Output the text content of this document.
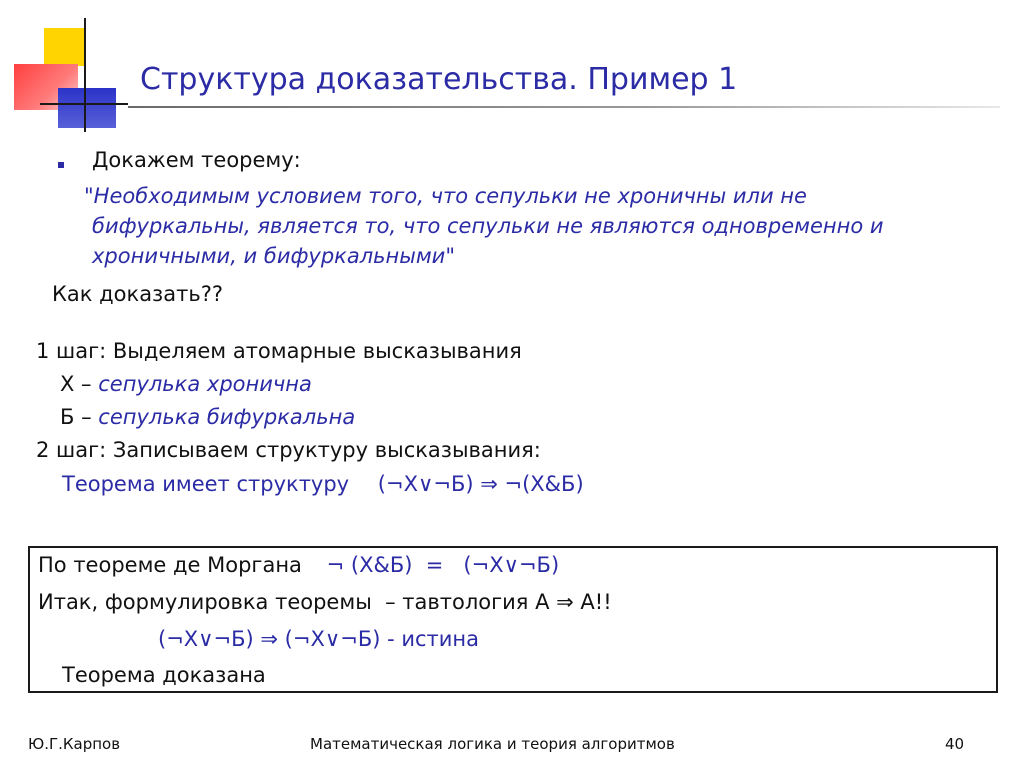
Структура доказательства. Пример 1
Докажем теорему:
"Необходимым условием того, что сепульки не хроничны или не
бифуркальны, является то, что сепульки не являются одновременно и
хроничными, и бифуркальными"
Как доказать??
1 шаг: Выделяем атомарные высказывания
Х – сепулька хронична
Б – сепулька бифуркальна
2 шаг: Записываем структуру высказывания:
Теорема имеет структуру (¬Х∨¬Б) ⇒ ¬(Х&Б)
По теореме де Моргана ¬ (Х&Б)  =   (¬Х∨¬Б)
Итак, формулировка теоремы  – тавтология А ⇒ А!!
(¬Х∨¬Б) ⇒ (¬Х∨¬Б) - истина
Теорема доказана
Ю.Г.Карпов	Математическая логика и теория алгоритмов	40
